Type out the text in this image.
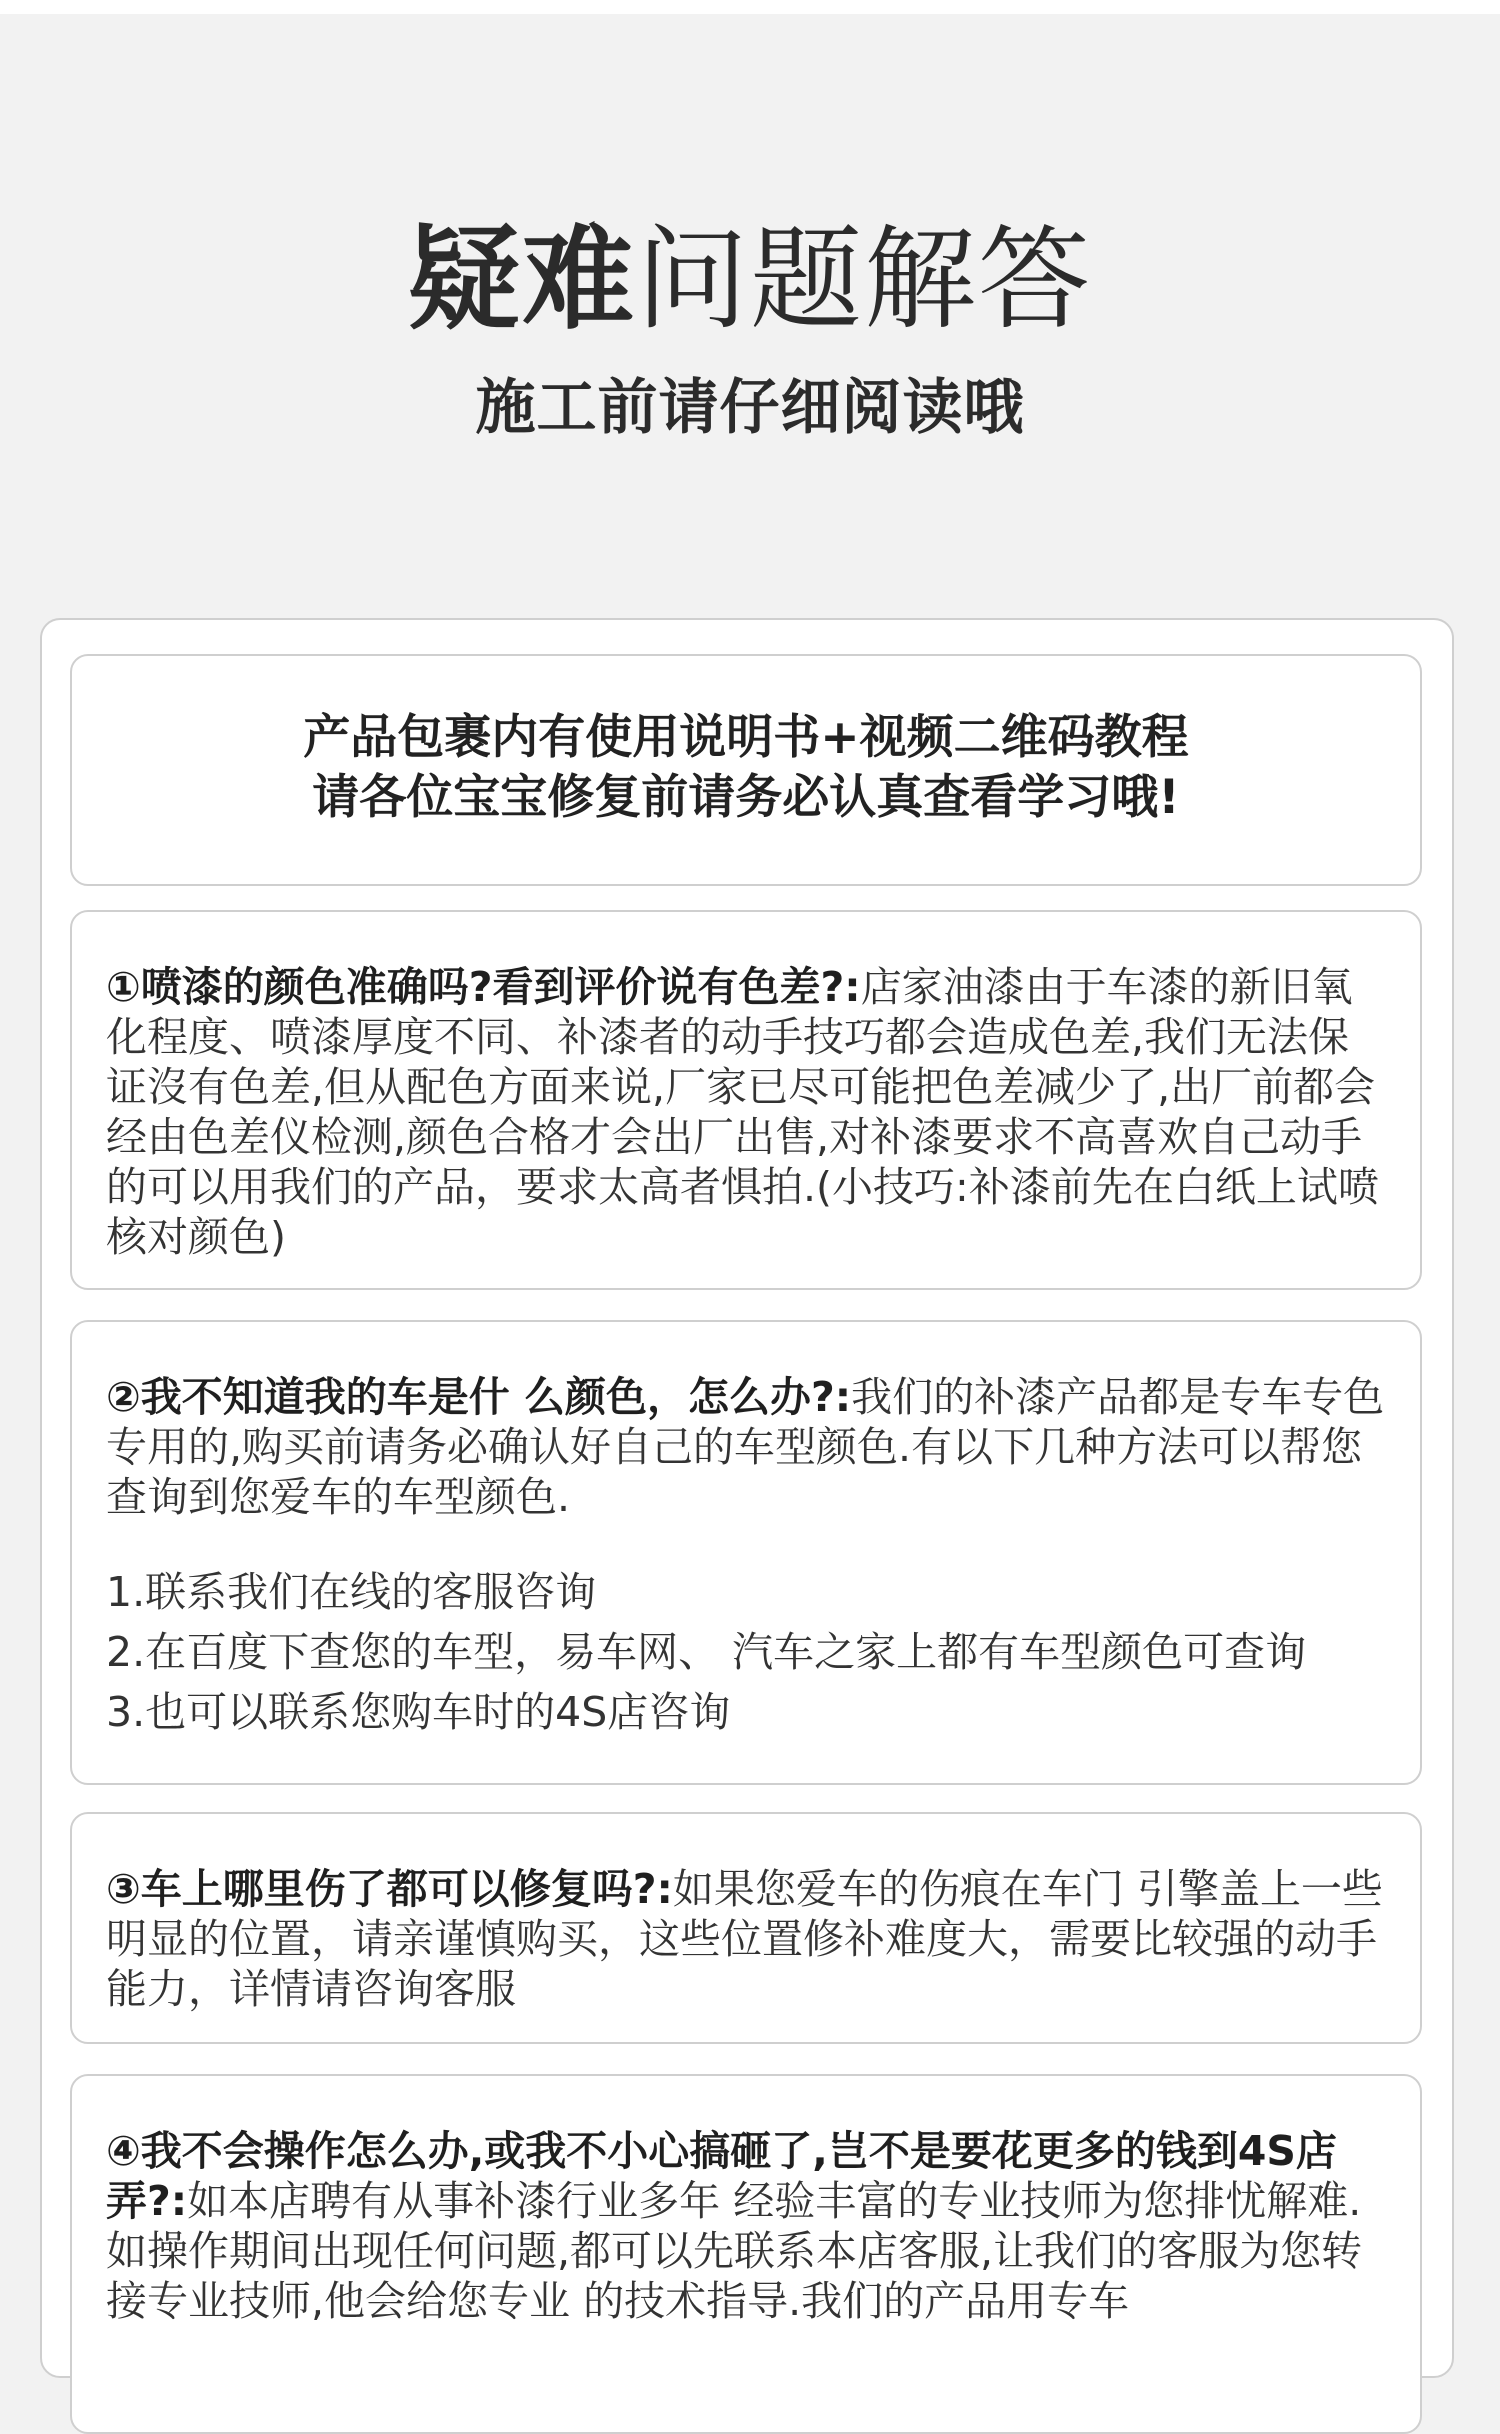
疑难问题解答
施工前请仔细阅读哦
产品包裹内有使用说明书+视频二维码教程
请各位宝宝修复前请务必认真查看学习哦!
①喷漆的颜色准确吗?看到评价说有色差?:店家油漆由于车漆的新旧氧化程度、喷漆厚度不同、补漆者的动手技巧都会造成色差,我们无法保证沒有色差,但从配色方面来说,厂家已尽可能把色差减少了,出厂前都会经由色差仪检测,颜色合格才会出厂出售,对补漆要求不高喜欢自己动手的可以用我们的产品，要求太高者惧拍.(小技巧:补漆前先在白纸上试喷核对颜色)
②我不知道我的车是什 么颜色，怎么办?:我们的补漆产品都是专车专色专用的,购买前请务必确认好自己的车型颜色.有以下几种方法可以帮您查询到您爱车的车型颜色.
1.联系我们在线的客服咨询
2.在百度下查您的车型，易车网、 汽车之家上都有车型颜色可查询
3.也可以联系您购车时的4S店咨询
③车上哪里伤了都可以修复吗?:如果您爱车的伤痕在车门 引擎盖上一些明显的位置，请亲谨慎购买，这些位置修补难度大，需要比较强的动手能力，详情请咨询客服
④我不会操作怎么办,或我不小心搞砸了,岂不是要花更多的钱到4S店弄?:如本店聘有从事补漆行业多年 经验丰富的专业技师为您排忧解难.如操作期间出现任何问题,都可以先联系本店客服,让我们的客服为您转接专业技师,他会给您专业 的技术指导.我们的产品用专车
